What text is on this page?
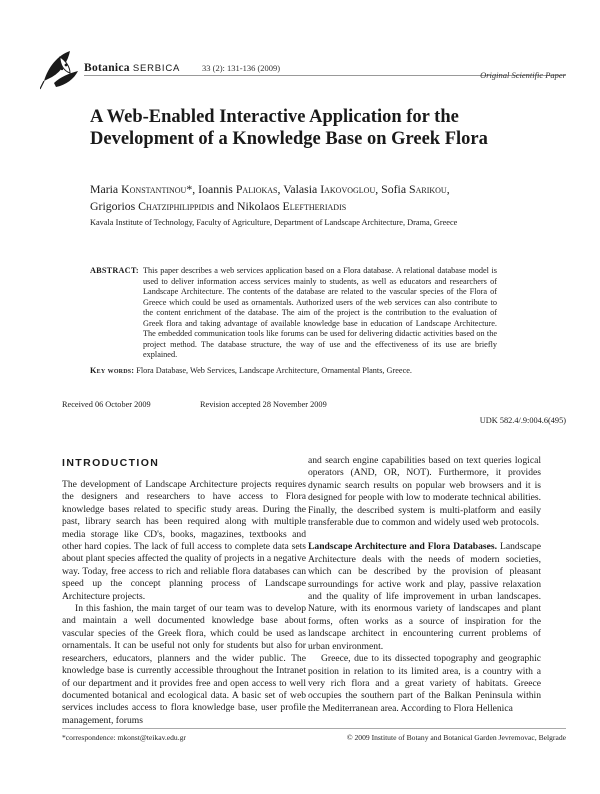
Botanica SERBICA	33 (2): 131-136 (2009)
Original Scientific Paper
A Web-Enabled Interactive Application for the Development of a Knowledge Base on Greek Flora
Maria Konstantinou*, Ioannis Paliokas, Valasia Iakovoglou, Sofia Sarikou,
Grigorios Chatziphilippidis and Nikolaos Eleftheriadis
Kavala Institute of Technology, Faculty of Agriculture, Department of Landscape Architecture, Drama, Greece
ABSTRACT: This paper describes a web services application based on a Flora database. A relational database model is used to deliver information access services mainly to students, as well as educators and researchers of Landscape Architecture. The contents of the database are related to the vascular species of the Flora of Greece which could be used as ornamentals. Authorized users of the web services can also contribute to the content enrichment of the database. The aim of the project is the contribution to the evaluation of Greek flora and taking advantage of available knowledge base in education of Landscape Architecture. The embedded communication tools like forums can be used for delivering didactic activities based on the project method. The database structure, the way of use and the effectiveness of its use are briefly explained.
Key words: Flora Database, Web Services, Landscape Architecture, Ornamental Plants, Greece.
Received 06 October 2009	Revision accepted 28 November 2009
UDK 582.4/.9:004.6(495)
INTRODUCTION

The development of Landscape Architecture projects requires the designers and researchers to have access to Flora knowledge bases related to specific study areas. During the past, library search has been required along with multiple media storage like CD's, books, magazines, textbooks and other hard copies. The lack of full access to complete data sets about plant species affected the quality of projects in a negative way. Today, free access to rich and reliable flora databases can speed up the concept planning process of Landscape Architecture projects.

In this fashion, the main target of our team was to develop and maintain a well documented knowledge base about vascular species of the Greek flora, which could be used as ornamentals. It can be useful not only for students but also for researchers, educators, planners and the wider public. The knowledge base is currently accessible throughout the Intranet of our department and it provides free and open access to well documented botanical and ecological data. A basic set of web services includes access to flora knowledge base, user profile management, forums

and search engine capabilities based on text queries logical operators (AND, OR, NOT). Furthermore, it provides dynamic search results on popular web browsers and it is designed for people with low to moderate technical abilities. Finally, the described system is multi-platform and easily transferable due to common and widely used web protocols.

Landscape Architecture and Flora Databases. Landscape Architecture deals with the needs of modern societies, which can be described by the provision of pleasant surroundings for active work and play, passive relaxation and the quality of life improvement in urban landscapes. Nature, with its enormous variety of landscapes and plant forms, often works as a source of inspiration for the landscape architect in encountering current problems of urban environment.

Greece, due to its dissected topography and geographic position in relation to its limited area, is a country with a very rich flora and a great variety of habitats. Greece occupies the southern part of the Balkan Peninsula within the Mediterranean area. According to Flora Hellenica

*correspondence: mkonst@teikav.edu.gr	© 2009 Institute of Botany and Botanical Garden Jevremovac, Belgrade
